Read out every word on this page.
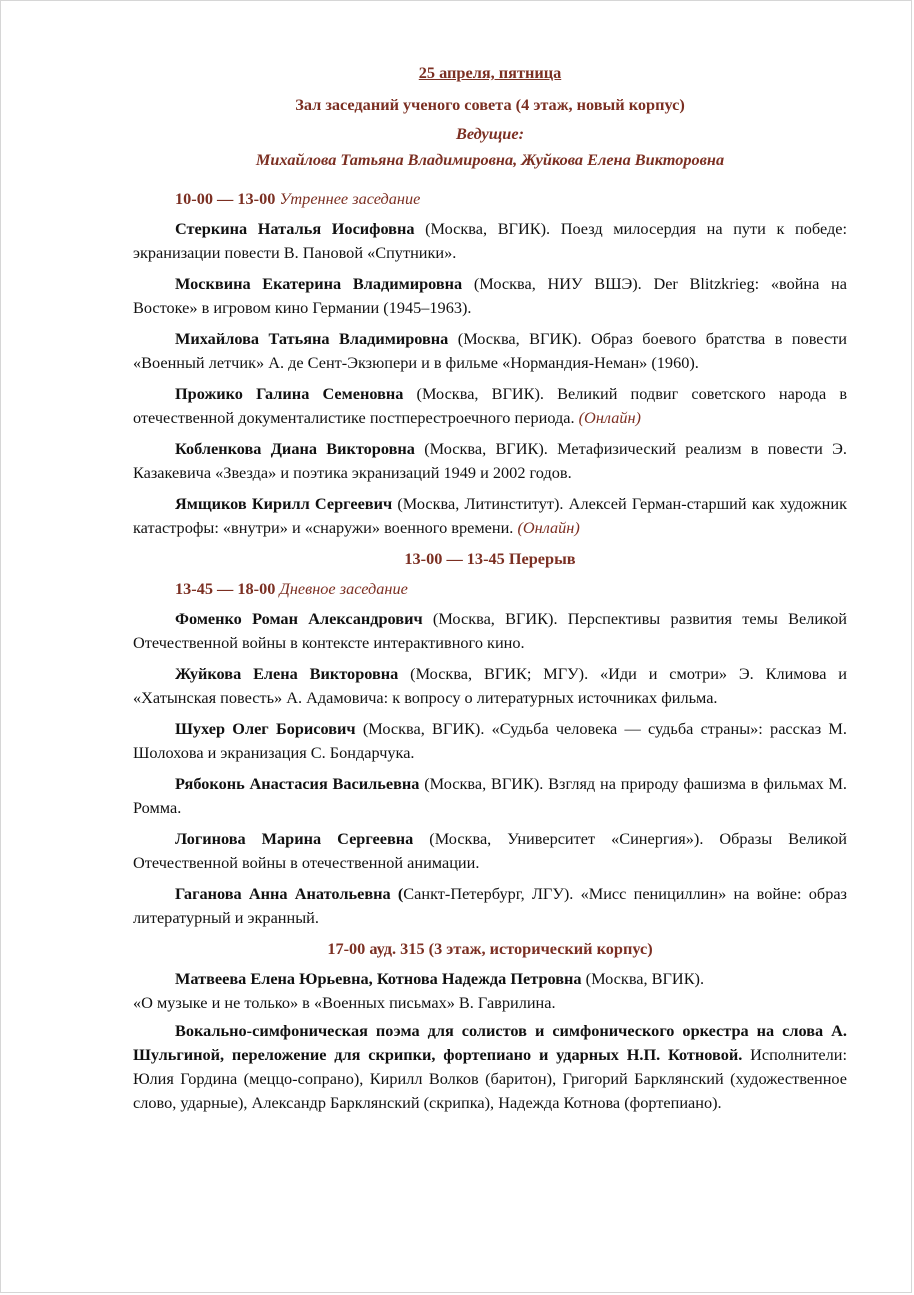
25 апреля, пятница

Зал заседаний ученого совета (4 этаж, новый корпус)

Ведущие:

Михайлова Татьяна Владимировна, Жуйкова Елена Викторовна

10-00 — 13-00 Утреннее заседание

Стеркина Наталья Иосифовна (Москва, ВГИК). Поезд милосердия на пути к победе: экранизации повести В. Пановой «Спутники».

Москвина Екатерина Владимировна (Москва, НИУ ВШЭ). Der Blitzkrieg: «война на Востоке» в игровом кино Германии (1945–1963).

Михайлова Татьяна Владимировна (Москва, ВГИК). Образ боевого братства в повести «Военный летчик» А. де Сент-Экзюпери и в фильме «Нормандия-Неман» (1960).

Прожико Галина Семеновна (Москва, ВГИК). Великий подвиг советского народа в отечественной документалистике постперестроечного периода. (Онлайн)

Кобленкова Диана Викторовна (Москва, ВГИК). Метафизический реализм в повести Э. Казакевича «Звезда» и поэтика экранизаций 1949 и 2002 годов.

Ямщиков Кирилл Сергеевич (Москва, Литинститут). Алексей Герман-старший как художник катастрофы: «внутри» и «снаружи» военного времени. (Онлайн)

13-00 — 13-45 Перерыв

13-45 — 18-00 Дневное заседание

Фоменко Роман Александрович (Москва, ВГИК). Перспективы развития темы Великой Отечественной войны в контексте интерактивного кино.

Жуйкова Елена Викторовна (Москва, ВГИК; МГУ). «Иди и смотри» Э. Климова и «Хатынская повесть» А. Адамовича: к вопросу о литературных источниках фильма.

Шухер Олег Борисович (Москва, ВГИК). «Судьба человека — судьба страны»: рассказ М. Шолохова и экранизация С. Бондарчука.

Рябоконь Анастасия Васильевна (Москва, ВГИК). Взгляд на природу фашизма в фильмах М. Ромма.

Логинова Марина Сергеевна (Москва, Университет «Синергия»). Образы Великой Отечественной войны в отечественной анимации.

Гаганова Анна Анатольевна (Санкт-Петербург, ЛГУ). «Мисс пенициллин» на войне: образ литературный и экранный.

17-00 ауд. 315 (3 этаж, исторический корпус)

Матвеева Елена Юрьевна, Котнова Надежда Петровна (Москва, ВГИК).

«О музыке и не только» в «Военных письмах» В. Гаврилина.

Вокально-симфоническая поэма для солистов и симфонического оркестра на слова А. Шульгиной, переложение для скрипки, фортепиано и ударных Н.П. Котновой. Исполнители: Юлия Гордина (меццо-сопрано), Кирилл Волков (баритон), Григорий Барклянский (художественное слово, ударные), Александр Барклянский (скрипка), Надежда Котнова (фортепиано).
